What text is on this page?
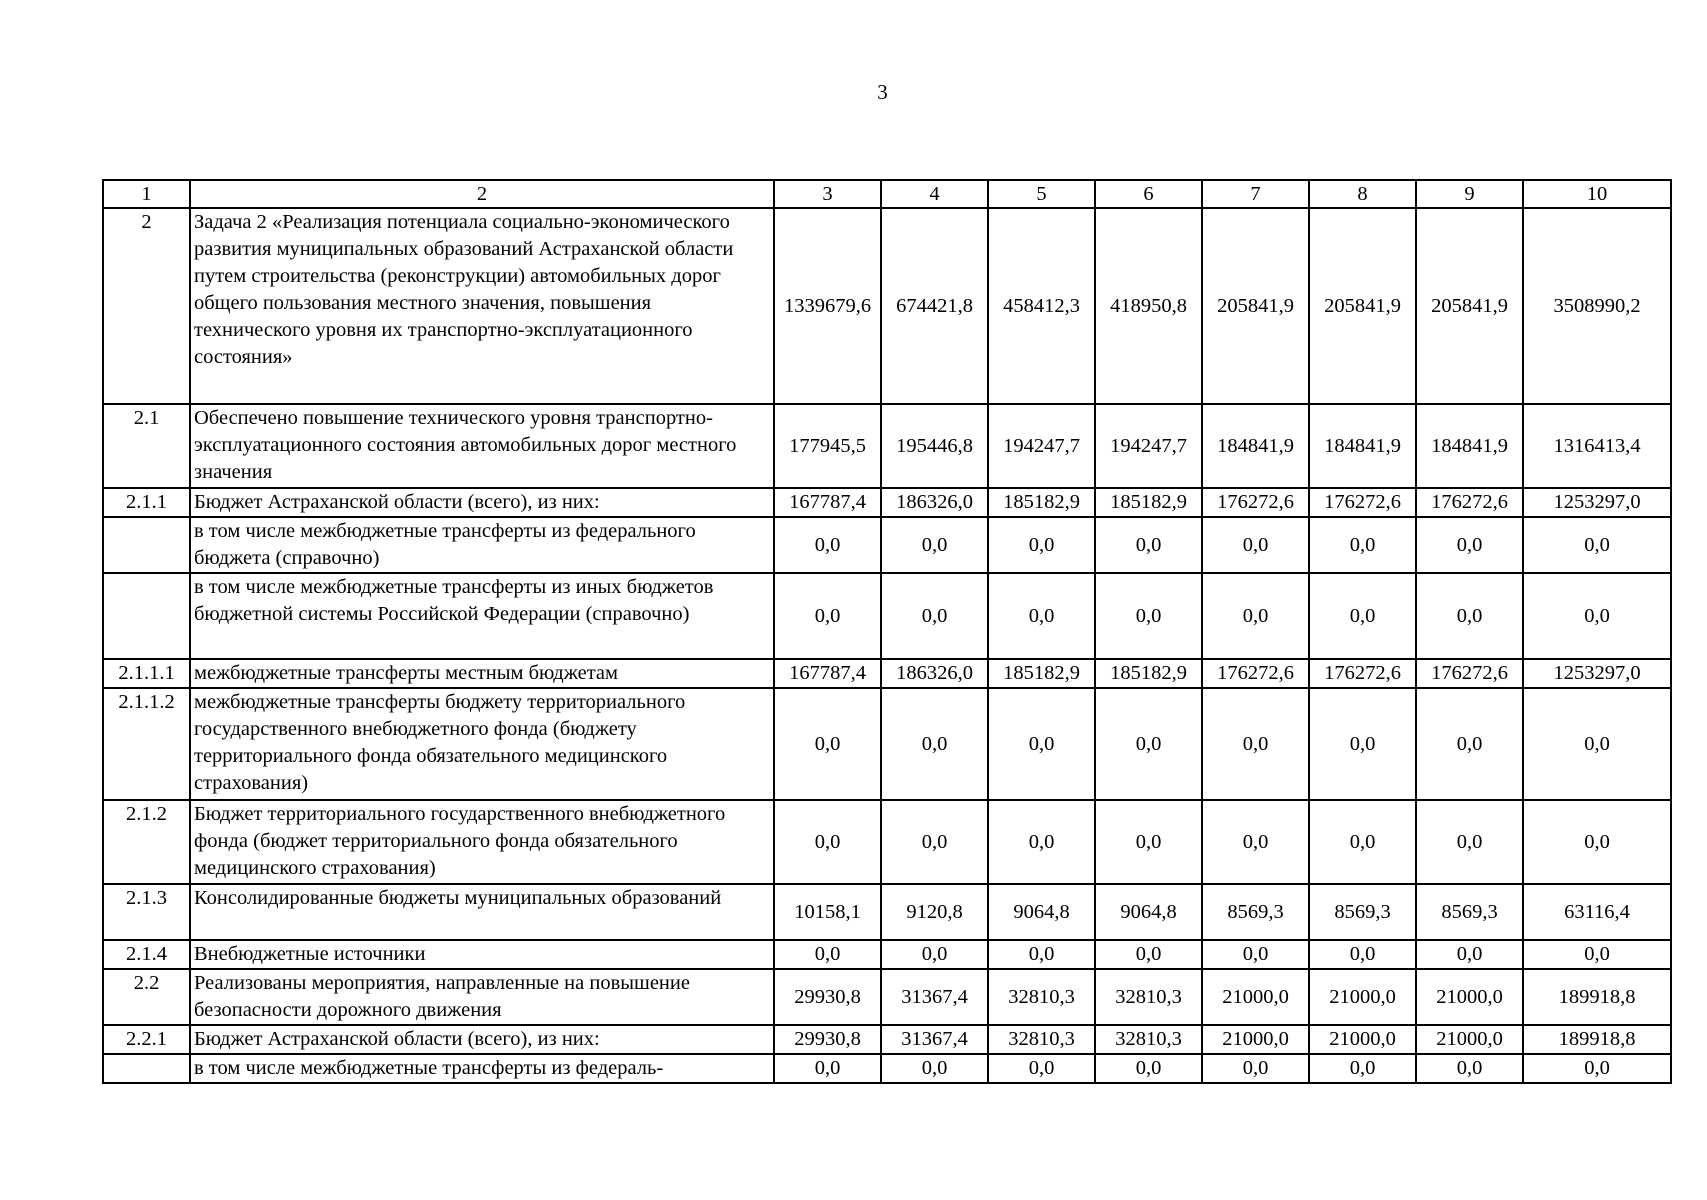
3
1	2	3	4	5	6	7	8	9	10
2	Задача 2 «Реализация потенциала социально-экономического развития муниципальных образований Астраханской области путем строительства (реконструкции) автомобильных дорог общего пользования местного значения, повышения технического уровня их транспортно-эксплуатационного состояния»	1339679,6	674421,8	458412,3	418950,8	205841,9	205841,9	205841,9	3508990,2
2.1	Обеспечено повышение технического уровня транспортно-эксплуатационного состояния автомобильных дорог местного значения	177945,5	195446,8	194247,7	194247,7	184841,9	184841,9	184841,9	1316413,4
2.1.1	Бюджет Астраханской области (всего), из них:	167787,4	186326,0	185182,9	185182,9	176272,6	176272,6	176272,6	1253297,0
	в том числе межбюджетные трансферты из федерального бюджета (справочно)	0,0	0,0	0,0	0,0	0,0	0,0	0,0	0,0
	в том числе межбюджетные трансферты из иных бюджетов бюджетной системы Российской Федерации (справочно)	0,0	0,0	0,0	0,0	0,0	0,0	0,0	0,0
2.1.1.1	межбюджетные трансферты местным бюджетам	167787,4	186326,0	185182,9	185182,9	176272,6	176272,6	176272,6	1253297,0
2.1.1.2	межбюджетные трансферты бюджету территориального государственного внебюджетного фонда (бюджету территориального фонда обязательного медицинского страхования)	0,0	0,0	0,0	0,0	0,0	0,0	0,0	0,0
2.1.2	Бюджет территориального государственного внебюджетного фонда (бюджет территориального фонда обязательного медицинского страхования)	0,0	0,0	0,0	0,0	0,0	0,0	0,0	0,0
2.1.3	Консолидированные бюджеты муниципальных образований	10158,1	9120,8	9064,8	9064,8	8569,3	8569,3	8569,3	63116,4
2.1.4	Внебюджетные источники	0,0	0,0	0,0	0,0	0,0	0,0	0,0	0,0
2.2	Реализованы мероприятия, направленные на повышение безопасности дорожного движения	29930,8	31367,4	32810,3	32810,3	21000,0	21000,0	21000,0	189918,8
2.2.1	Бюджет Астраханской области (всего), из них:	29930,8	31367,4	32810,3	32810,3	21000,0	21000,0	21000,0	189918,8
	в том числе межбюджетные трансферты из федераль-	0,0	0,0	0,0	0,0	0,0	0,0	0,0	0,0
